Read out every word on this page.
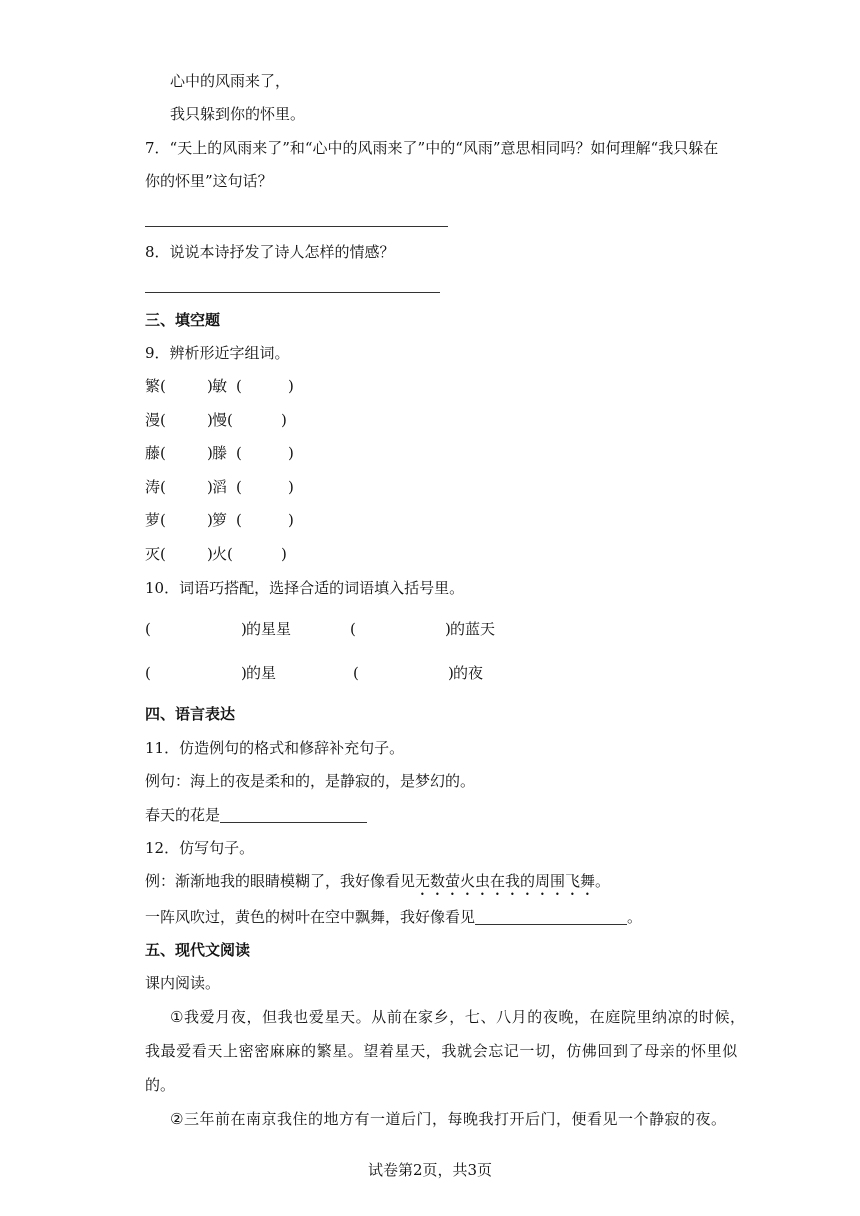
心中的风雨来了，
我只躲到你的怀里。
7．“天上的风雨来了”和“心中的风雨来了”中的“风雨”意思相同吗？如何理解“我只躲在
你的怀里”这句话？
8．说说本诗抒发了诗人怎样的情感？
三、填空题
9．辨析形近字组词。
繁 (	) 敏 (	)
漫 (	) 慢 (	)
藤 (	) 滕 (	)
涛 (	) 滔 (	)
萝 (	) 箩 (	)
灭 (	) 火 (	)
10．词语巧搭配，选择合适的词语填入括号里。
(	) 的星星	(	) 的蓝天
(	) 的星	(	) 的夜
四、语言表达
11．仿造例句的格式和修辞补充句子。
例句：海上的夜是柔和的，是静寂的，是梦幻的。
春天的花是
12．仿写句子。
例：渐渐地我的眼睛模糊了，我好像看见无数萤火虫在我的周围飞舞。
一阵风吹过，黄色的树叶在空中飘舞，我好像看见	。
五、现代文阅读
课内阅读。
①我爱月夜，但我也爱星天。从前在家乡，七、八月的夜晚，在庭院里纳凉的时候，
我最爱看天上密密麻麻的繁星。望着星天，我就会忘记一切，仿佛回到了母亲的怀里似
的。
②三年前在南京我住的地方有一道后门，每晚我打开后门，便看见一个静寂的夜。
试卷第2页，共3页
